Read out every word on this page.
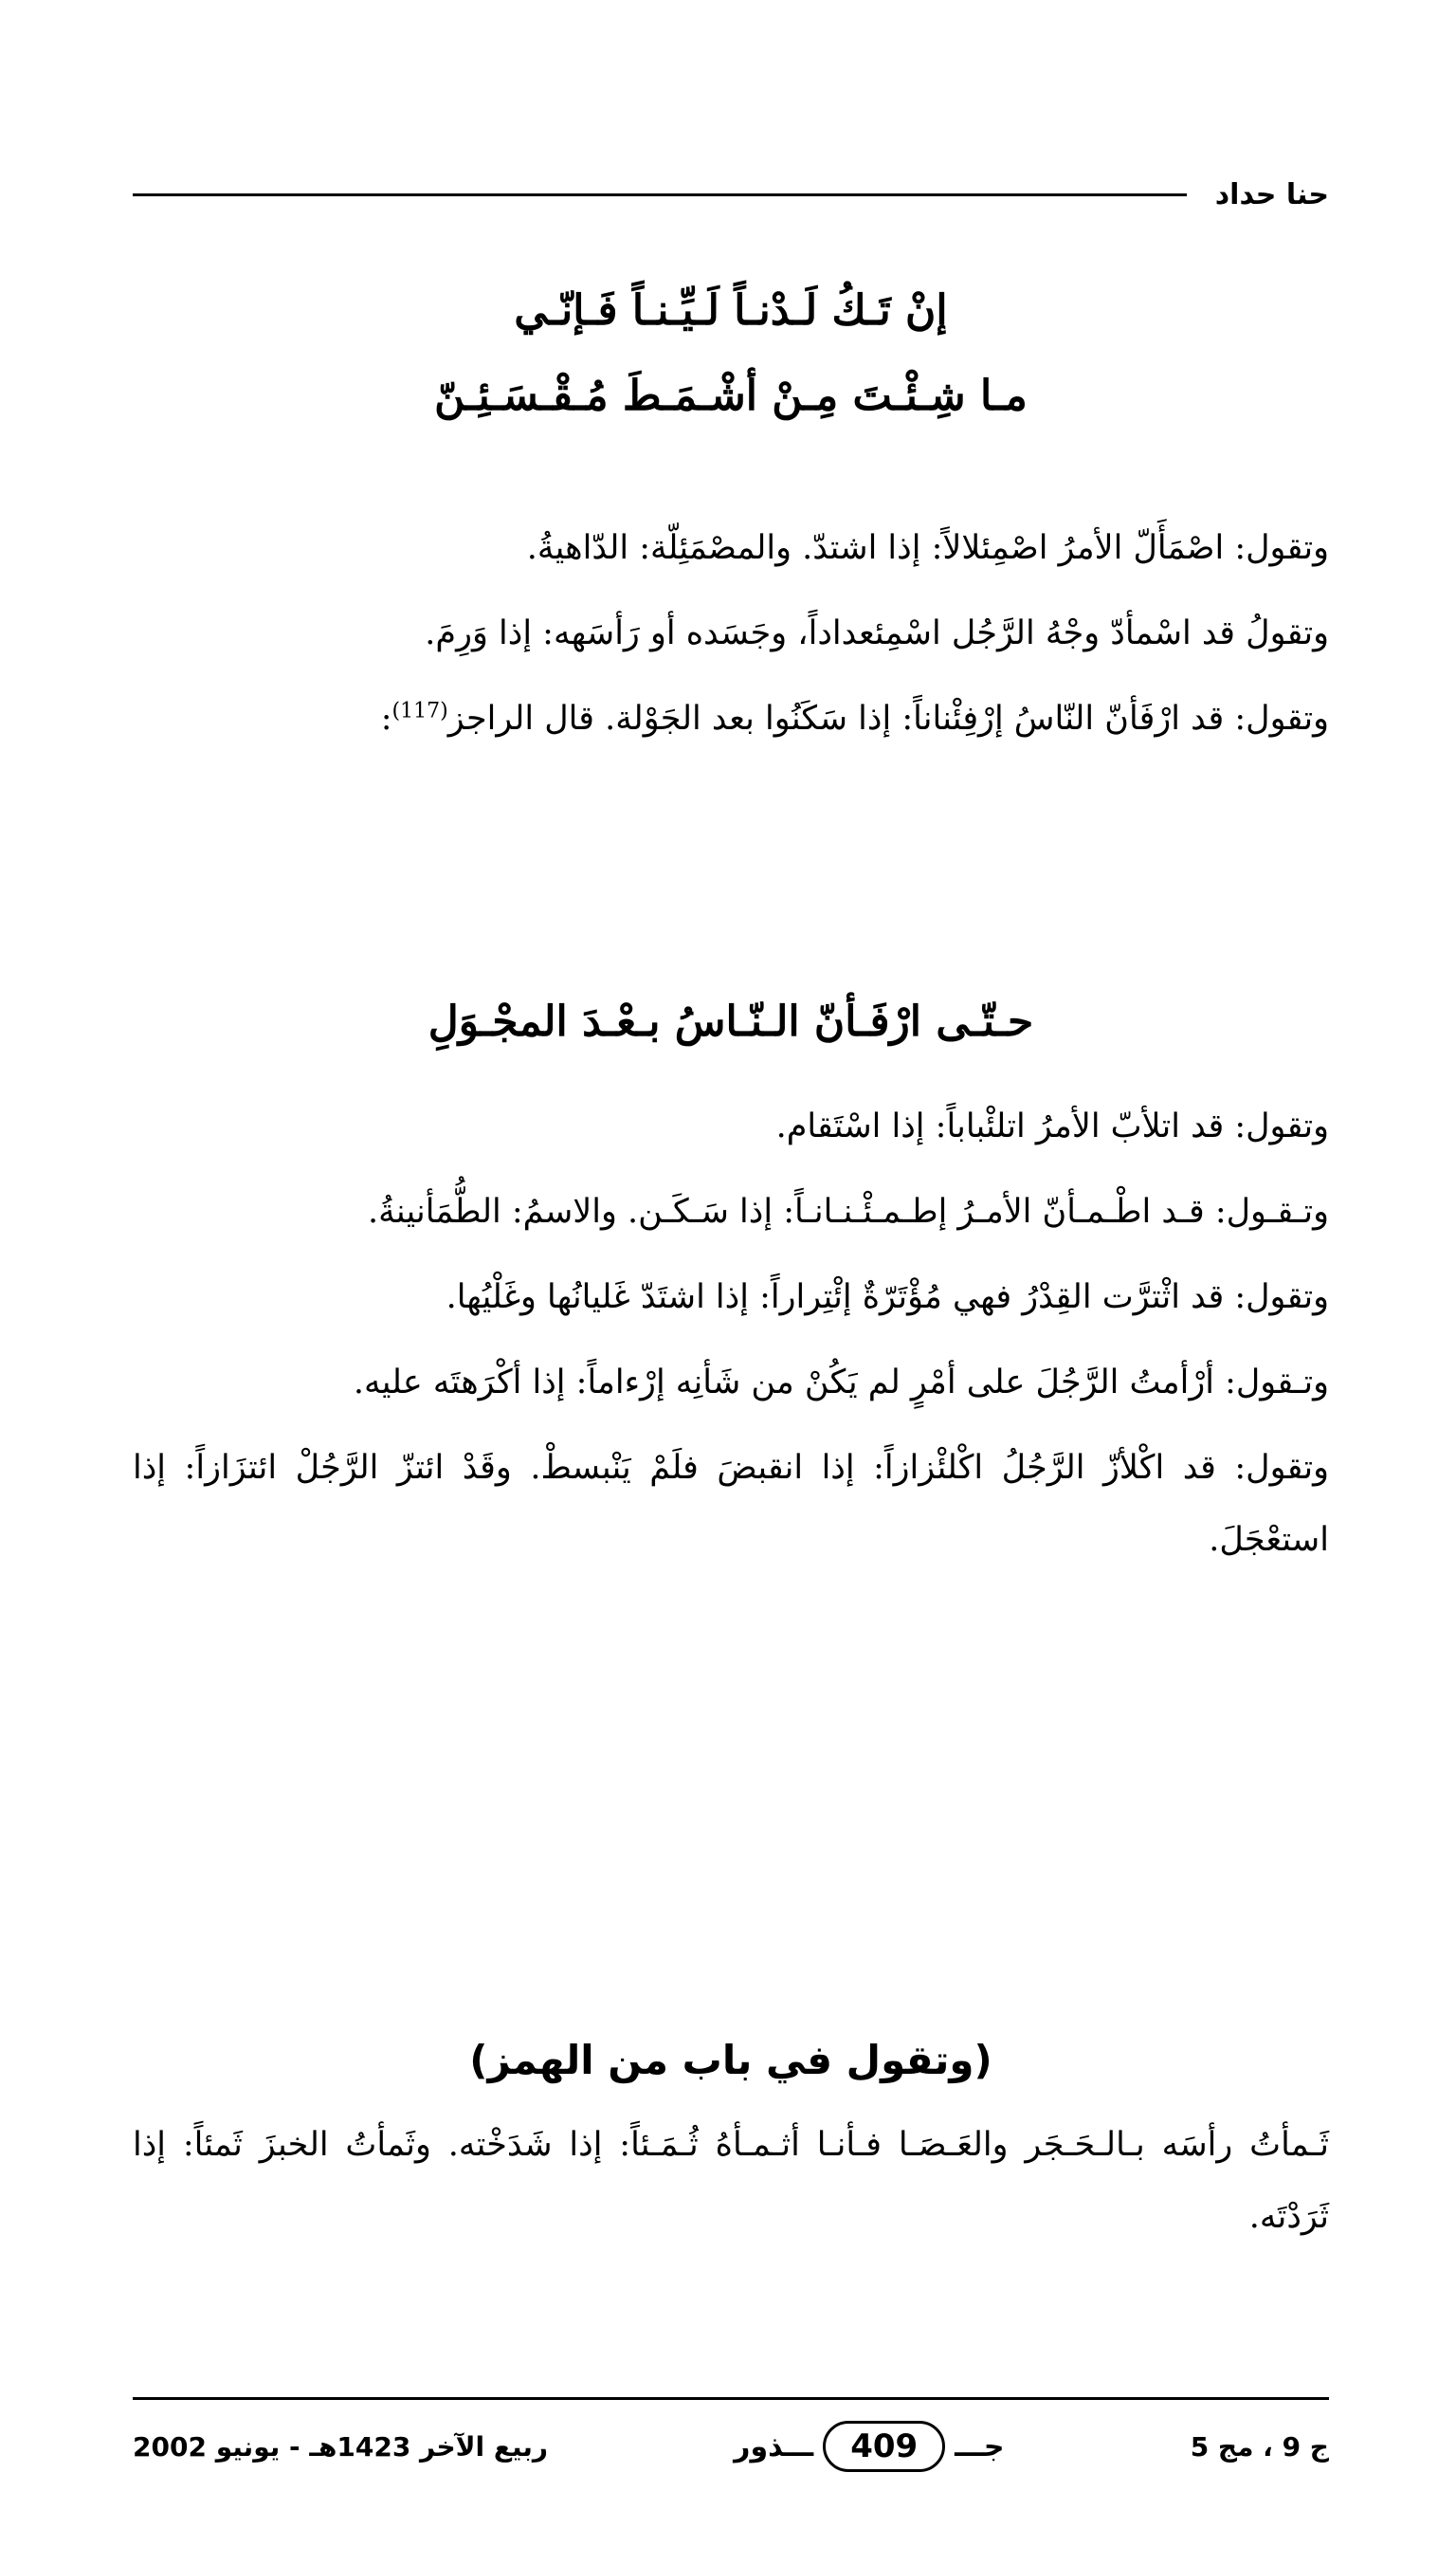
حنا حداد
إنْ تَـكُ لَـدْنـاً لَـيِّـنـاً فَـإنّـي
مـا شِـئْـتَ مِـنْ أشْـمَـطَ مُـقْـسَـئِـنّ

وتقول: اصْمَأَلّ الأمرُ اصْمِئلالاً: إذا اشتدّ. والمصْمَئِلّة: الدّاهيةُ.

وتقولُ قد اسْمأدّ وجْهُ الرَّجُل اسْمِئعداداً، وجَسَده أو رَأسَهه: إذا وَرِمَ.

وتقول: قد ارْفَأنّ النّاسُ إرْفِئْناناً: إذا سَكَنُوا بعد الجَوْلة. قال الراجز$^{(117)}$:

حـتّـى ارْفَـأنّ الـنّـاسُ بـعْـدَ المجْـوَلِ

وتقول: قد اتلأبّ الأمرُ اتلئْباباً: إذا اسْتَقام.

وتـقـول: قـد اطْـمـأنّ الأمـرُ إطـمـئْـنـانـاً: إذا سَـكَـن. والاسمُ: الطُّمَأنينةُ.

وتقول: قد اثْترَّت القِدْرُ فهي مُؤْتَرّةٌ إئْتِراراً: إذا اشتَدّ غَليانُها وغَلْيُها.

وتـقول: أرْأمتُ الرَّجُلَ على أمْرٍ لم يَكُنْ من شَأنِه إرْءاماً: إذا أكْرَهتَه عليه.

وتقول: قد اكْلأزّ الرَّجُلُ اكْلئْزازاً: إذا انقبضَ فلَمْ يَنْبسطْ. وقَدْ ائتزّ الرَّجُلْ ائتزَازاً: إذا استعْجَلَ.

(وتقول في باب من الهمز)

ثَـمأتُ رأسَه بـالـحَـجَر والعَـصَـا فـأنـا أثـمـأهُ ثُـمَـئاً: إذا شَدَخْته. وثَمأتُ الخبزَ ثَمئاً: إذا ثَرَدْتَه.

ج 9 ، مج 5
جـــ
409
ـــذور
ربيع الآخر 1423هـ - يونيو 2002
